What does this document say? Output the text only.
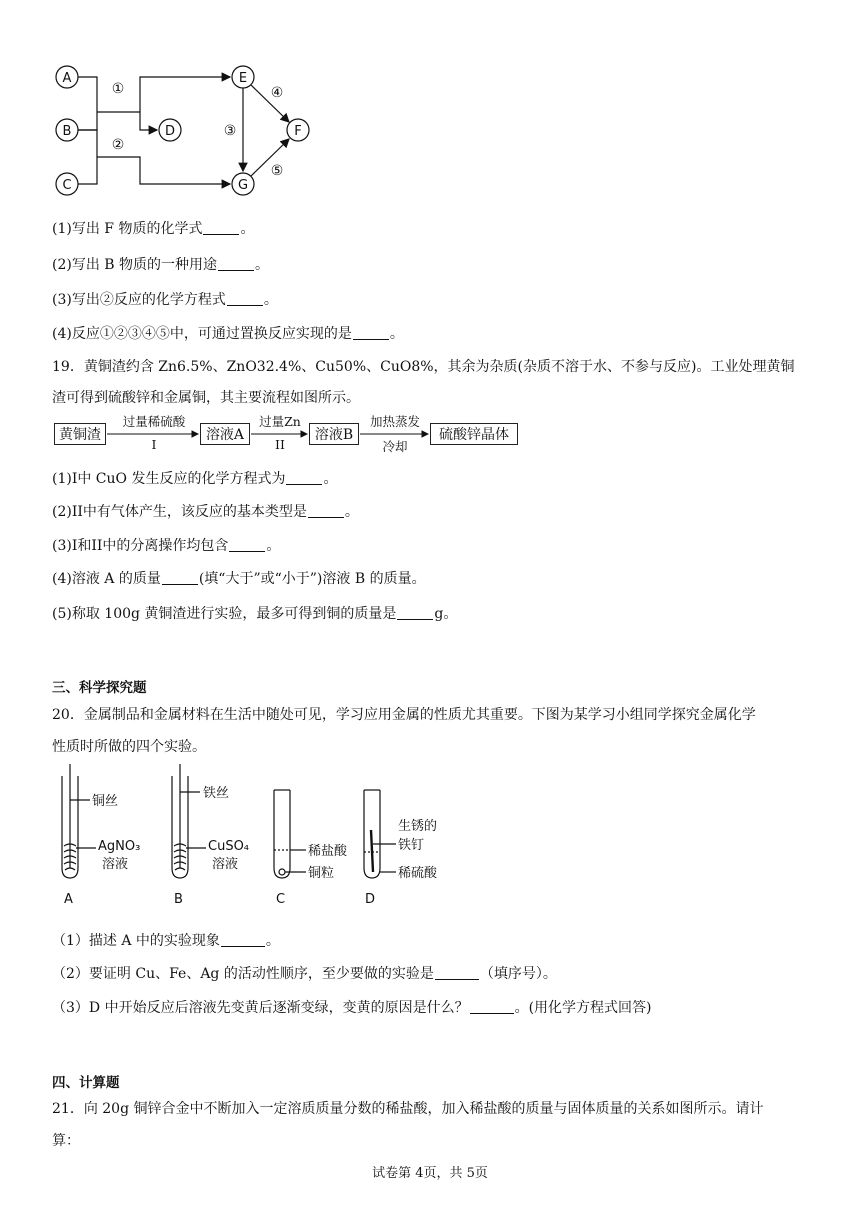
A
B
C
D
E
F
G
①
②
③
④
⑤
(1)写出 F 物质的化学式	。
(2)写出 B 物质的一种用途	。
(3)写出②反应的化学方程式	。
(4)反应①②③④⑤中，可通过置换反应实现的是	。
19．黄铜渣约含 Zn6.5%、ZnO32.4%、Cu50%、CuO8%，其余为杂质(杂质不溶于水、不参与反应)。工业处理黄铜
渣可得到硫酸锌和金属铜，其主要流程如图所示。
黄铜渣
过量稀硫酸
I
溶液A
过量Zn
II
溶液B
加热蒸发
冷却
硫酸锌晶体
(1)I中 CuO 发生反应的化学方程式为	。
(2)II中有气体产生，该反应的基本类型是	。
(3)I和II中的分离操作均包含	。
(4)溶液 A 的质量	(填“大于”或“小于”)溶液 B 的质量。
(5)称取 100g 黄铜渣进行实验，最多可得到铜的质量是	g。
三、科学探究题
20．金属制品和金属材料在生活中随处可见，学习应用金属的性质尤其重要。下图为某学习小组同学探究金属化学
性质时所做的四个实验。
铜丝
AgNO₃
溶液
A
铁丝
CuSO₄
溶液
B
稀盐酸
铜粒
C
生锈的
铁钉
稀硫酸
D
（1）描述 A 中的实验现象	。
（2）要证明 Cu、Fe、Ag 的活动性顺序，至少要做的实验是	（填序号）。
（3）D 中开始反应后溶液先变黄后逐渐变绿，变黄的原因是什么？	。(用化学方程式回答)
四、计算题
21．向 20g 铜锌合金中不断加入一定溶质质量分数的稀盐酸，加入稀盐酸的质量与固体质量的关系如图所示。请计
算：
试卷第 4页，共 5页
